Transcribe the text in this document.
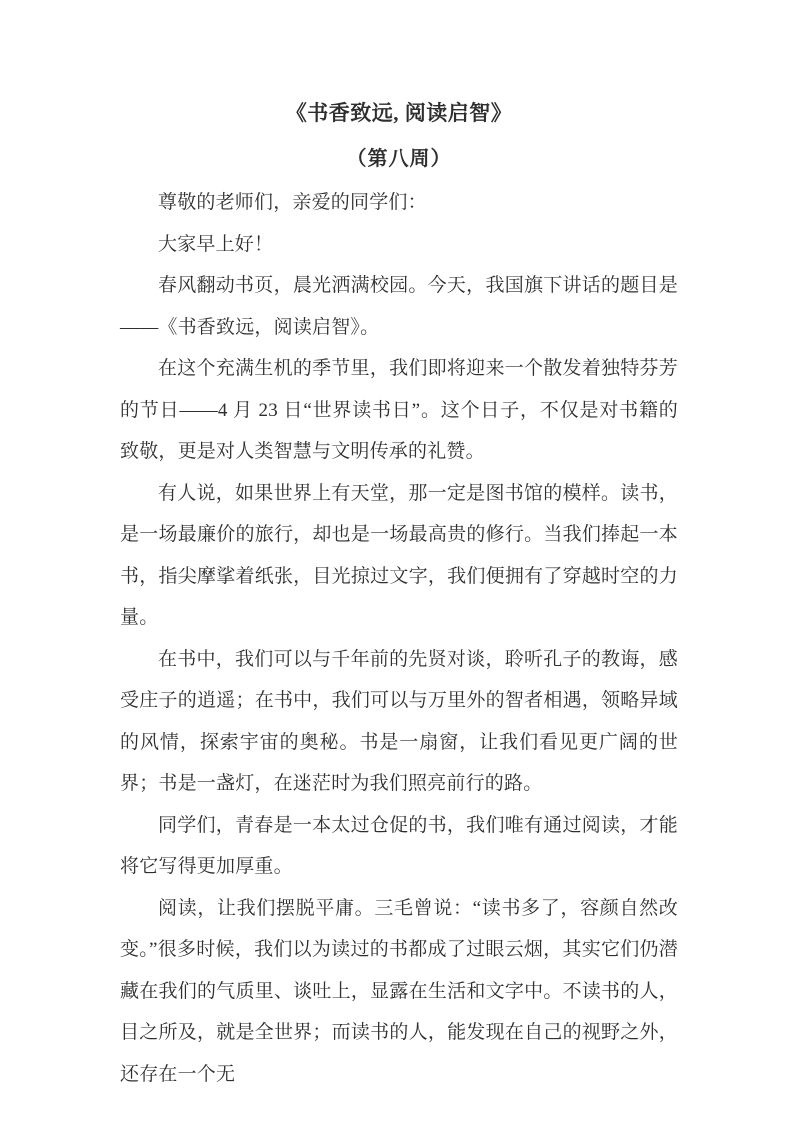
《书香致远, 阅读启智》
（第八周）

尊敬的老师们，亲爱的同学们：

大家早上好！

春风翻动书页，晨光洒满校园。今天，我国旗下讲话的题目是——《书香致远，阅读启智》。

在这个充满生机的季节里，我们即将迎来一个散发着独特芬芳的节日——4 月 23 日“世界读书日”。这个日子，不仅是对书籍的致敬，更是对人类智慧与文明传承的礼赞。

有人说，如果世界上有天堂，那一定是图书馆的模样。读书，是一场最廉价的旅行，却也是一场最高贵的修行。当我们捧起一本书，指尖摩挲着纸张，目光掠过文字，我们便拥有了穿越时空的力量。

在书中，我们可以与千年前的先贤对谈，聆听孔子的教诲，感受庄子的逍遥；在书中，我们可以与万里外的智者相遇，领略异域的风情，探索宇宙的奥秘。书是一扇窗，让我们看见更广阔的世界；书是一盏灯，在迷茫时为我们照亮前行的路。

同学们，青春是一本太过仓促的书，我们唯有通过阅读，才能将它写得更加厚重。

阅读，让我们摆脱平庸。三毛曾说：“读书多了，容颜自然改变。”很多时候，我们以为读过的书都成了过眼云烟，其实它们仍潜藏在我们的气质里、谈吐上，显露在生活和文字中。不读书的人，目之所及，就是全世界；而读书的人，能发现在自己的视野之外，还存在一个无
